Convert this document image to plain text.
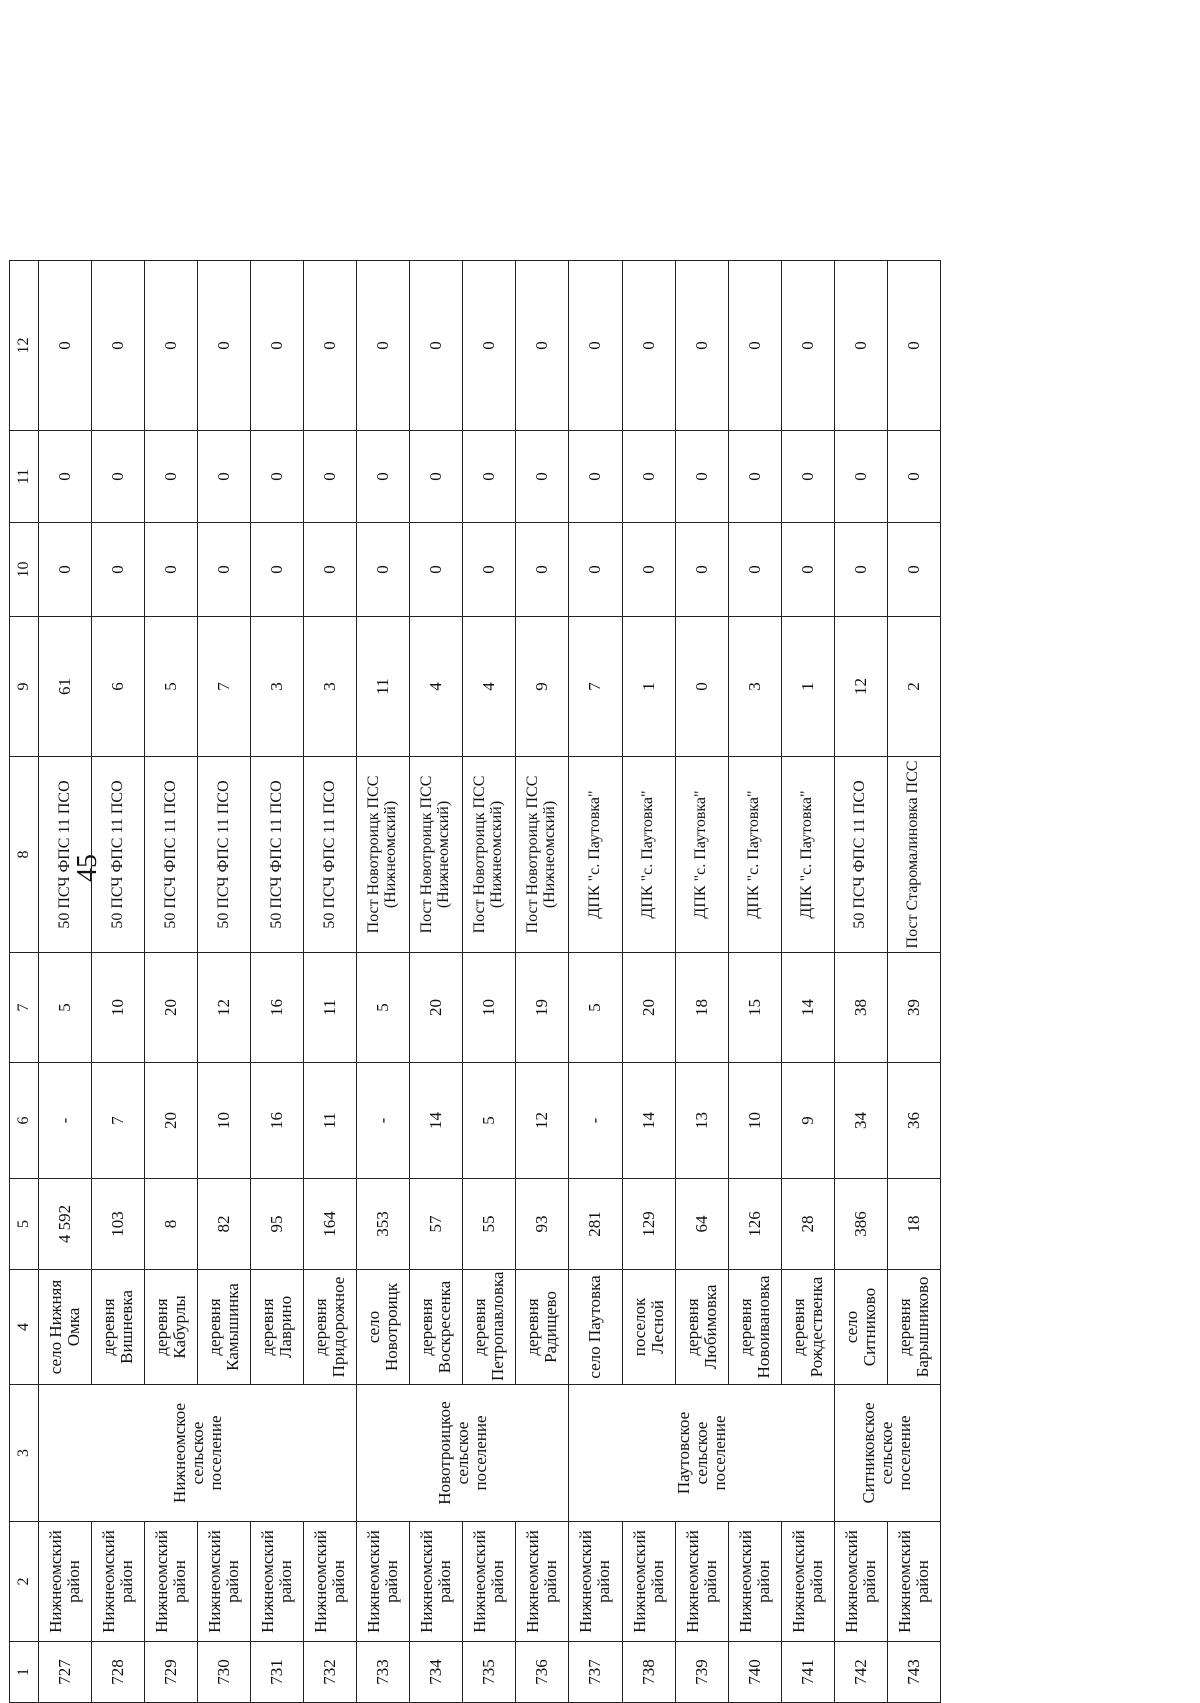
45
1	2	3	4	5	6	7	8	9	10	11	12
727	Нижнеомский район	Нижнеомское сельское поселение	село Нижняя Омка	4 592	-	5	50 ПСЧ ФПС 11 ПСО	61	0	0	0
728	Нижнеомский район		деревня Вишневка	103	7	10	50 ПСЧ ФПС 11 ПСО	6	0	0	0
729	Нижнеомский район		деревня Кабурлы	8	20	20	50 ПСЧ ФПС 11 ПСО	5	0	0	0
730	Нижнеомский район		деревня Камышинка	82	10	12	50 ПСЧ ФПС 11 ПСО	7	0	0	0
731	Нижнеомский район		деревня Лаврино	95	16	16	50 ПСЧ ФПС 11 ПСО	3	0	0	0
732	Нижнеомский район		деревня Придорожное	164	11	11	50 ПСЧ ФПС 11 ПСО	3	0	0	0
733	Нижнеомский район	Новотроицкое сельское поселение	село Новотроицк	353	-	5	Пост Новотроицк ПСС (Нижнеомский)	11	0	0	0
734	Нижнеомский район		деревня Воскресенка	57	14	20	Пост Новотроицк ПСС (Нижнеомский)	4	0	0	0
735	Нижнеомский район		деревня Петропавловка	55	5	10	Пост Новотроицк ПСС (Нижнеомский)	4	0	0	0
736	Нижнеомский район		деревня Радищево	93	12	19	Пост Новотроицк ПСС (Нижнеомский)	9	0	0	0
737	Нижнеомский район	Паутовское сельское поселение	село Паутовка	281	-	5	ДПК "с. Паутовка"	7	0	0	0
738	Нижнеомский район		поселок Лесной	129	14	20	ДПК "с. Паутовка"	1	0	0	0
739	Нижнеомский район		деревня Любимовка	64	13	18	ДПК "с. Паутовка"	0	0	0	0
740	Нижнеомский район		деревня Новоивановка	126	10	15	ДПК "с. Паутовка"	3	0	0	0
741	Нижнеомский район		деревня Рождественка	28	9	14	ДПК "с. Паутовка"	1	0	0	0
742	Нижнеомский район	Ситниковское сельское поселение	село Ситниково	386	34	38	50 ПСЧ ФПС 11 ПСО	12	0	0	0
743	Нижнеомский район		деревня Барышниково	18	36	39	Пост Старомалиновка ПСС	2	0	0	0
